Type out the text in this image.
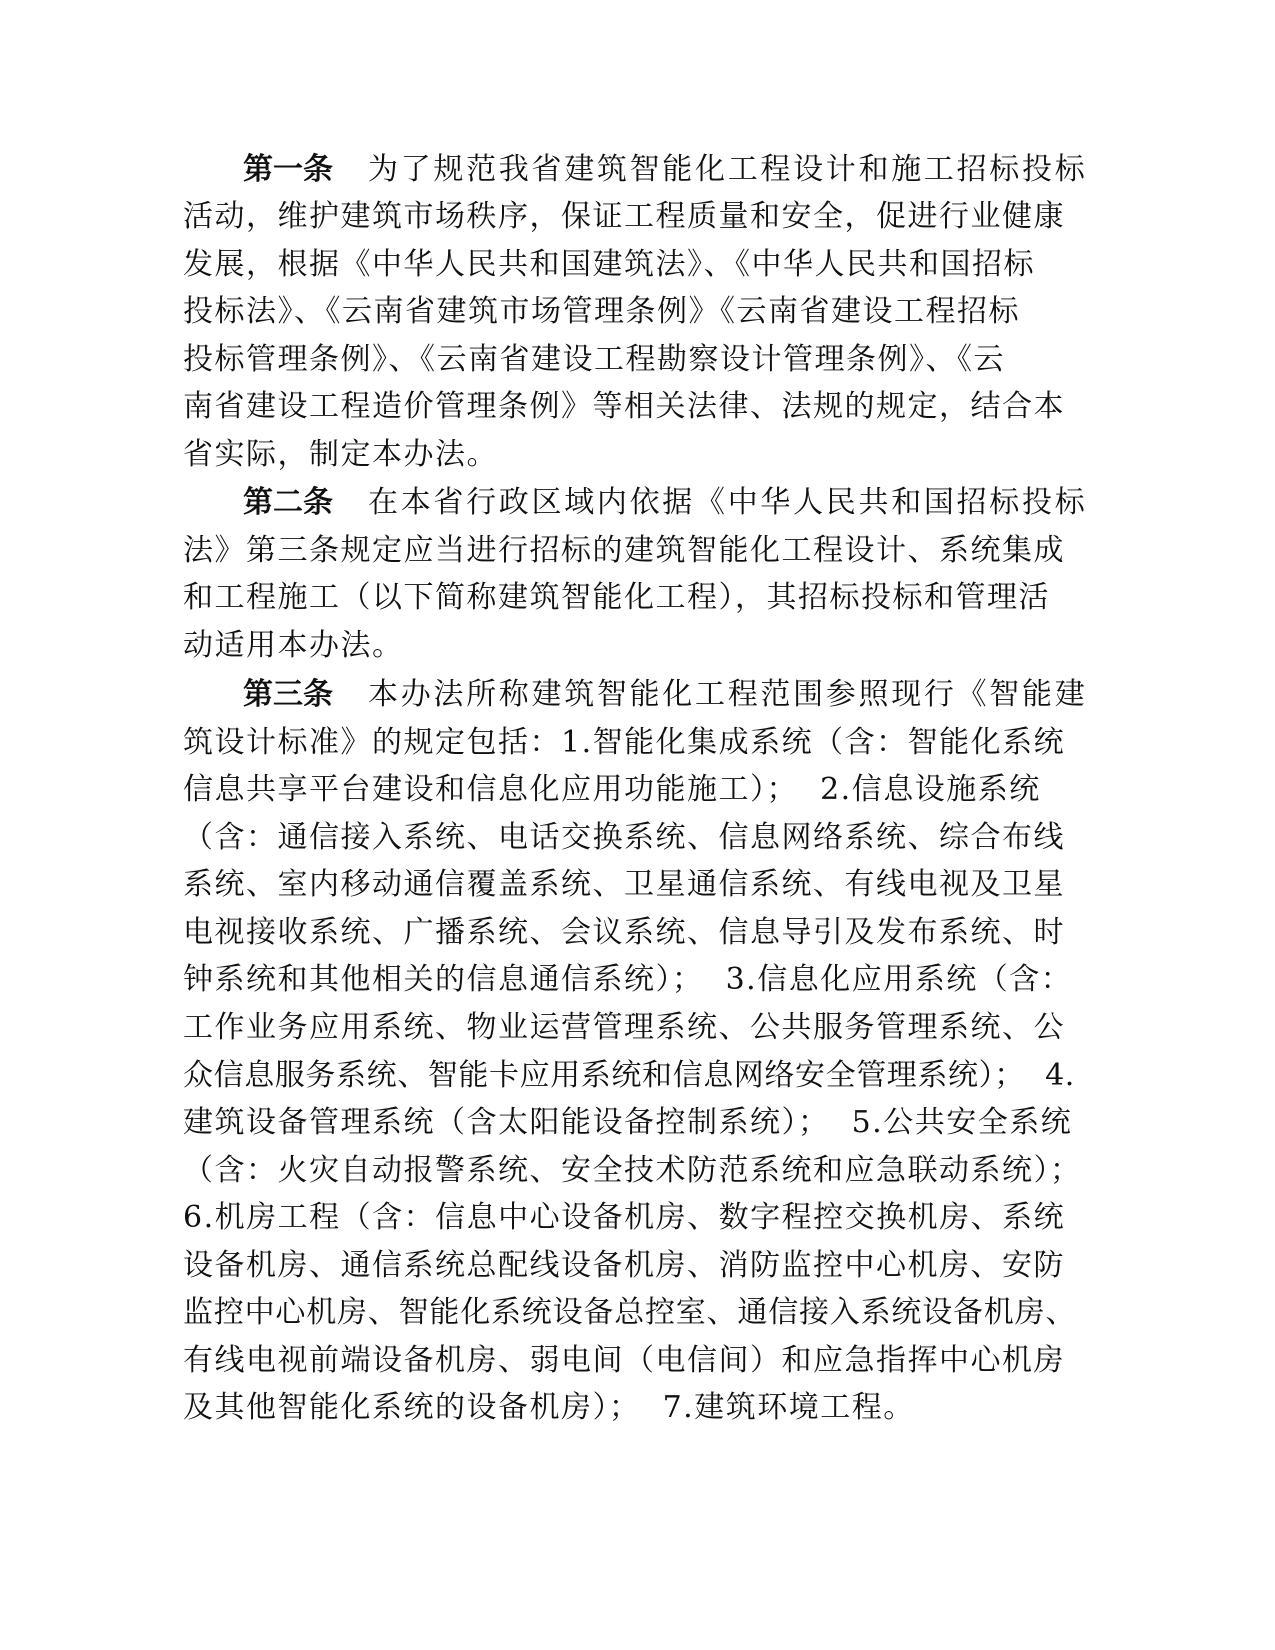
第一条 为了规范我省建筑智能化工程设计和施工招标投标
活动，维护建筑市场秩序，保证工程质量和安全，促进行业健康
发展，根据《中华人民共和国建筑法》、《中华人民共和国招标
投标法》、《云南省建筑市场管理条例》《云南省建设工程招标
投标管理条例》、《云南省建设工程勘察设计管理条例》、《云
南省建设工程造价管理条例》等相关法律、法规的规定，结合本
省实际，制定本办法。
第二条 在本省行政区域内依据《中华人民共和国招标投标
法》第三条规定应当进行招标的建筑智能化工程设计、系统集成
和工程施工（以下简称建筑智能化工程），其招标投标和管理活
动适用本办法。
第三条 本办法所称建筑智能化工程范围参照现行《智能建
筑设计标准》的规定包括：1.智能化集成系统（含：智能化系统
信息共享平台建设和信息化应用功能施工）；  2.信息设施系统
（含：通信接入系统、电话交换系统、信息网络系统、综合布线
系统、室内移动通信覆盖系统、卫星通信系统、有线电视及卫星
电视接收系统、广播系统、会议系统、信息导引及发布系统、时
钟系统和其他相关的信息通信系统）；  3.信息化应用系统（含：
工作业务应用系统、物业运营管理系统、公共服务管理系统、公
众信息服务系统、智能卡应用系统和信息网络安全管理系统）；  4.
建筑设备管理系统（含太阳能设备控制系统）；  5.公共安全系统
（含：火灾自动报警系统、安全技术防范系统和应急联动系统）；
6.机房工程（含：信息中心设备机房、数字程控交换机房、系统
设备机房、通信系统总配线设备机房、消防监控中心机房、安防
监控中心机房、智能化系统设备总控室、通信接入系统设备机房、
有线电视前端设备机房、弱电间（电信间）和应急指挥中心机房
及其他智能化系统的设备机房）；  7.建筑环境工程。
